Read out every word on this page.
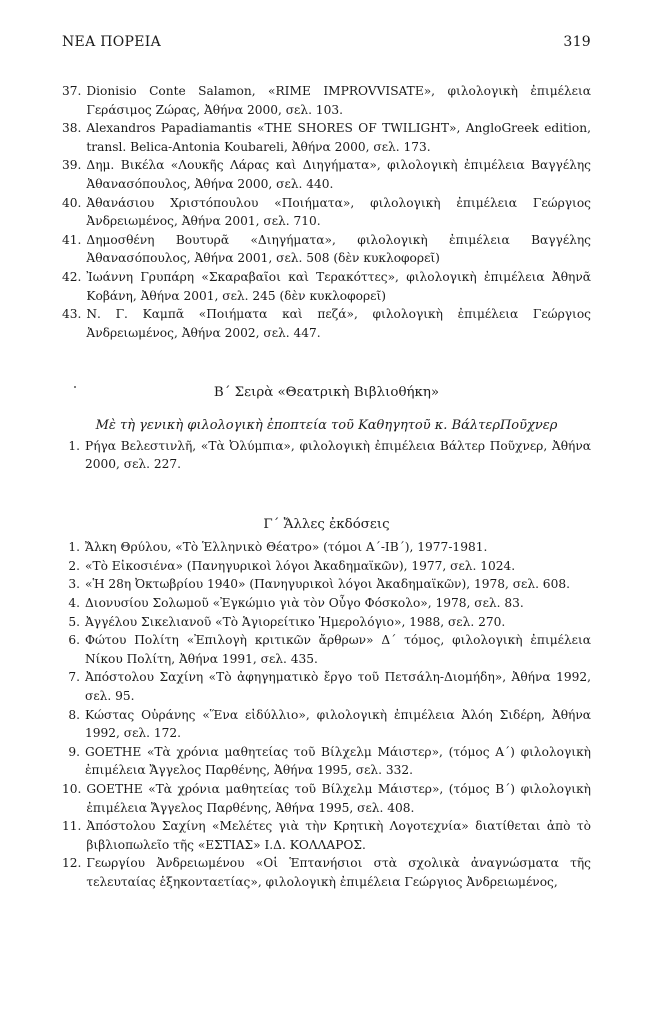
ΝΕΑ ΠΟΡΕΙΑ	319
37. Dionisio Conte Salamon, «RIME IMPROVVISATE», φιλολογικὴ ἐπιμέλεια Γεράσιμος Ζώρας, Ἀθήνα 2000, σελ. 103.
38. Alexandros Papadiamantis «THE SHORES OF TWILIGHT», AngloGreek edition, transl. Belica-Antonia Koubareli, Ἀθήνα 2000, σελ. 173.
39. Δημ. Βικέλα «Λουκῆς Λάρας καὶ Διηγήματα», φιλολογικὴ ἐπιμέλεια Βαγγέλης Ἀθανασόπουλος, Ἀθήνα 2000, σελ. 440.
40. Ἀθανάσιου Χριστόπουλου «Ποιήματα», φιλολογικὴ ἐπιμέλεια Γεώργιος Ἀνδρειωμένος, Ἀθήνα 2001, σελ. 710.
41. Δημοσθένη Βουτυρᾶ «Διηγήματα», φιλολογικὴ ἐπιμέλεια Βαγγέλης Ἀθανασόπουλος, Ἀθήνα 2001, σελ. 508 (δὲν κυκλοφορεῖ)
42. Ἰωάννη Γρυπάρη «Σκαραβαῖοι καὶ Τερακόττες», φιλολογικὴ ἐπιμέλεια Ἀθηνᾶ Κοβάνη, Ἀθήνα 2001, σελ. 245 (δὲν κυκλοφορεῖ)
43. Ν. Γ. Καμπᾶ «Ποιήματα καὶ πεζά», φιλολογικὴ ἐπιμέλεια Γεώργιος Ἀνδρειωμένος, Ἀθήνα 2002, σελ. 447.
Β΄ Σειρὰ «Θεατρικὴ Βιβλιοθήκη»
Μὲ τὴ γενικὴ φιλολογικὴ ἐποπτεία τοῦ Καθηγητοῦ κ. ΒάλτερΠοῦχνερ
1. Ρήγα Βελεστινλῆ, «Τὰ Ὀλύμπια», φιλολογικὴ ἐπιμέλεια Βάλτερ Ποῦχνερ, Ἀθήνα 2000, σελ. 227.
Γ΄ Ἄλλες ἐκδόσεις
1. Ἄλκη Θρύλου, «Τὸ Ἑλληνικὸ Θέατρο» (τόμοι Α΄-ΙΒ΄), 1977-1981.
2. «Τὸ Εἰκοσιένα» (Πανηγυρικοὶ λόγοι Ἀκαδημαϊκῶν), 1977, σελ. 1024.
3. «Ἡ 28η Ὀκτωβρίου 1940» (Πανηγυρικοὶ λόγοι Ἀκαδημαϊκῶν), 1978, σελ. 608.
4. Διονυσίου Σολωμοῦ «Ἐγκώμιο γιὰ τὸν Οὖγο Φόσκολο», 1978, σελ. 83.
5. Ἀγγέλου Σικελιανοῦ «Τὸ Ἁγιορείτικο Ἡμερολόγιο», 1988, σελ. 270.
6. Φώτου Πολίτη «Ἐπιλογὴ κριτικῶν ἄρθρων» Δ΄ τόμος, φιλολογικὴ ἐπιμέλεια Νίκου Πολίτη, Ἀθήνα 1991, σελ. 435.
7. Ἀπόστολου Σαχίνη «Τὸ ἀφηγηματικὸ ἔργο τοῦ Πετσάλη-Διομήδη», Ἀθήνα 1992, σελ. 95.
8. Κώστας Οὐράνης «Ἕνα εἰδύλλιο», φιλολογικὴ ἐπιμέλεια Ἀλόη Σιδέρη, Ἀθήνα 1992, σελ. 172.
9. GOETHE «Τὰ χρόνια μαθητείας τοῦ Βίλχελμ Μάιστερ», (τόμος Α΄) φιλολογικὴ ἐπιμέλεια Ἄγγελος Παρθένης, Ἀθήνα 1995, σελ. 332.
10. GOETHE «Τὰ χρόνια μαθητείας τοῦ Βίλχελμ Μάιστερ», (τόμος Β΄) φιλολογικὴ ἐπιμέλεια Ἄγγελος Παρθένης, Ἀθήνα 1995, σελ. 408.
11. Ἀπόστολου Σαχίνη «Μελέτες γιὰ τὴν Κρητικὴ Λογοτεχνία» διατίθεται ἀπὸ τὸ βιβλιοπωλεῖο τῆς «ΕΣΤΙΑΣ» Ι.Δ. ΚΟΛΛΑΡΟΣ.
12. Γεωργίου Ἀνδρειωμένου «Οἱ Ἑπτανήσιοι στὰ σχολικὰ ἀναγνώσματα τῆς τελευταίας ἑξηκονταετίας», φιλολογικὴ ἐπιμέλεια Γεώργιος Ἀνδρειωμένος,
